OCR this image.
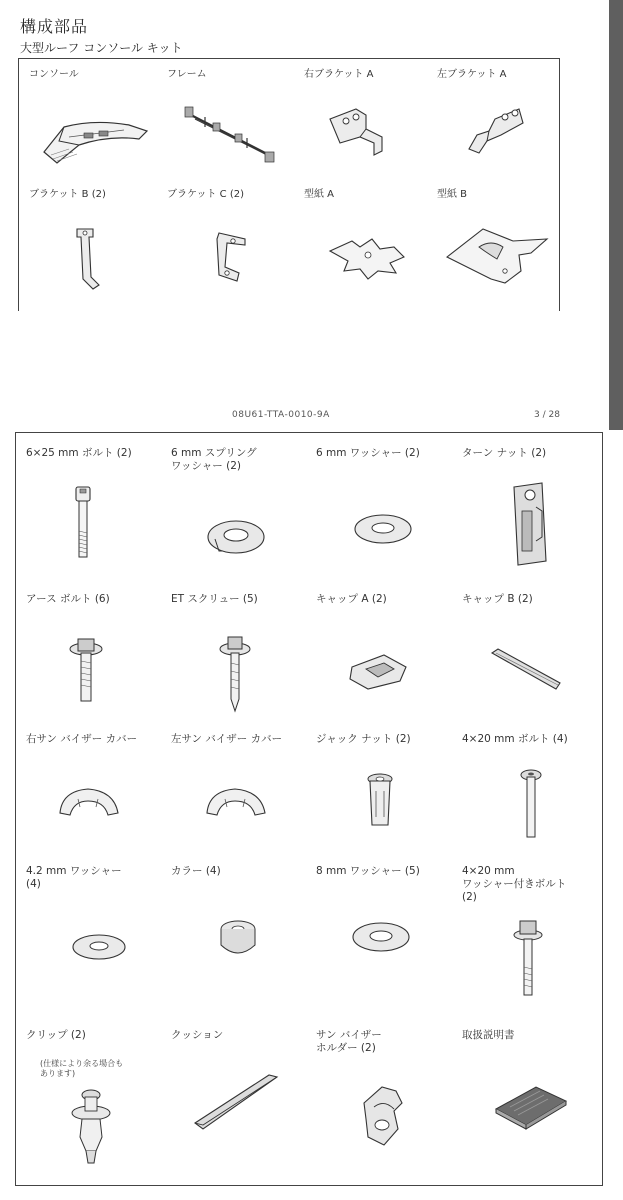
構成部品
大型ルーフ コンソール キット
コンソール	フレーム	右ブラケット A	左ブラケット A
ブラケット B (2)	ブラケット C (2)	型紙 A	型紙 B
08U61-TTA-0010-9A	3 / 28
6×25 mm ボルト (2)	6 mm スプリング
ワッシャー (2)
6 mm ワッシャー (2)	ターン ナット (2)
アース ボルト (6)	ET スクリュー (5)	キャップ A (2)	キャップ B (2)
右サン バイザー カバー	左サン バイザー カバー	ジャック ナット (2)	4×20 mm ボルト (4)
4.2 mm ワッシャー
(4)
カラー (4)	8 mm ワッシャー (5)	4×20 mm
ワッシャー付きボルト
(2)
クリップ (2)
(仕様により余る場合も
あります)
クッション	サン バイザー
ホルダー (2)
取扱説明書
